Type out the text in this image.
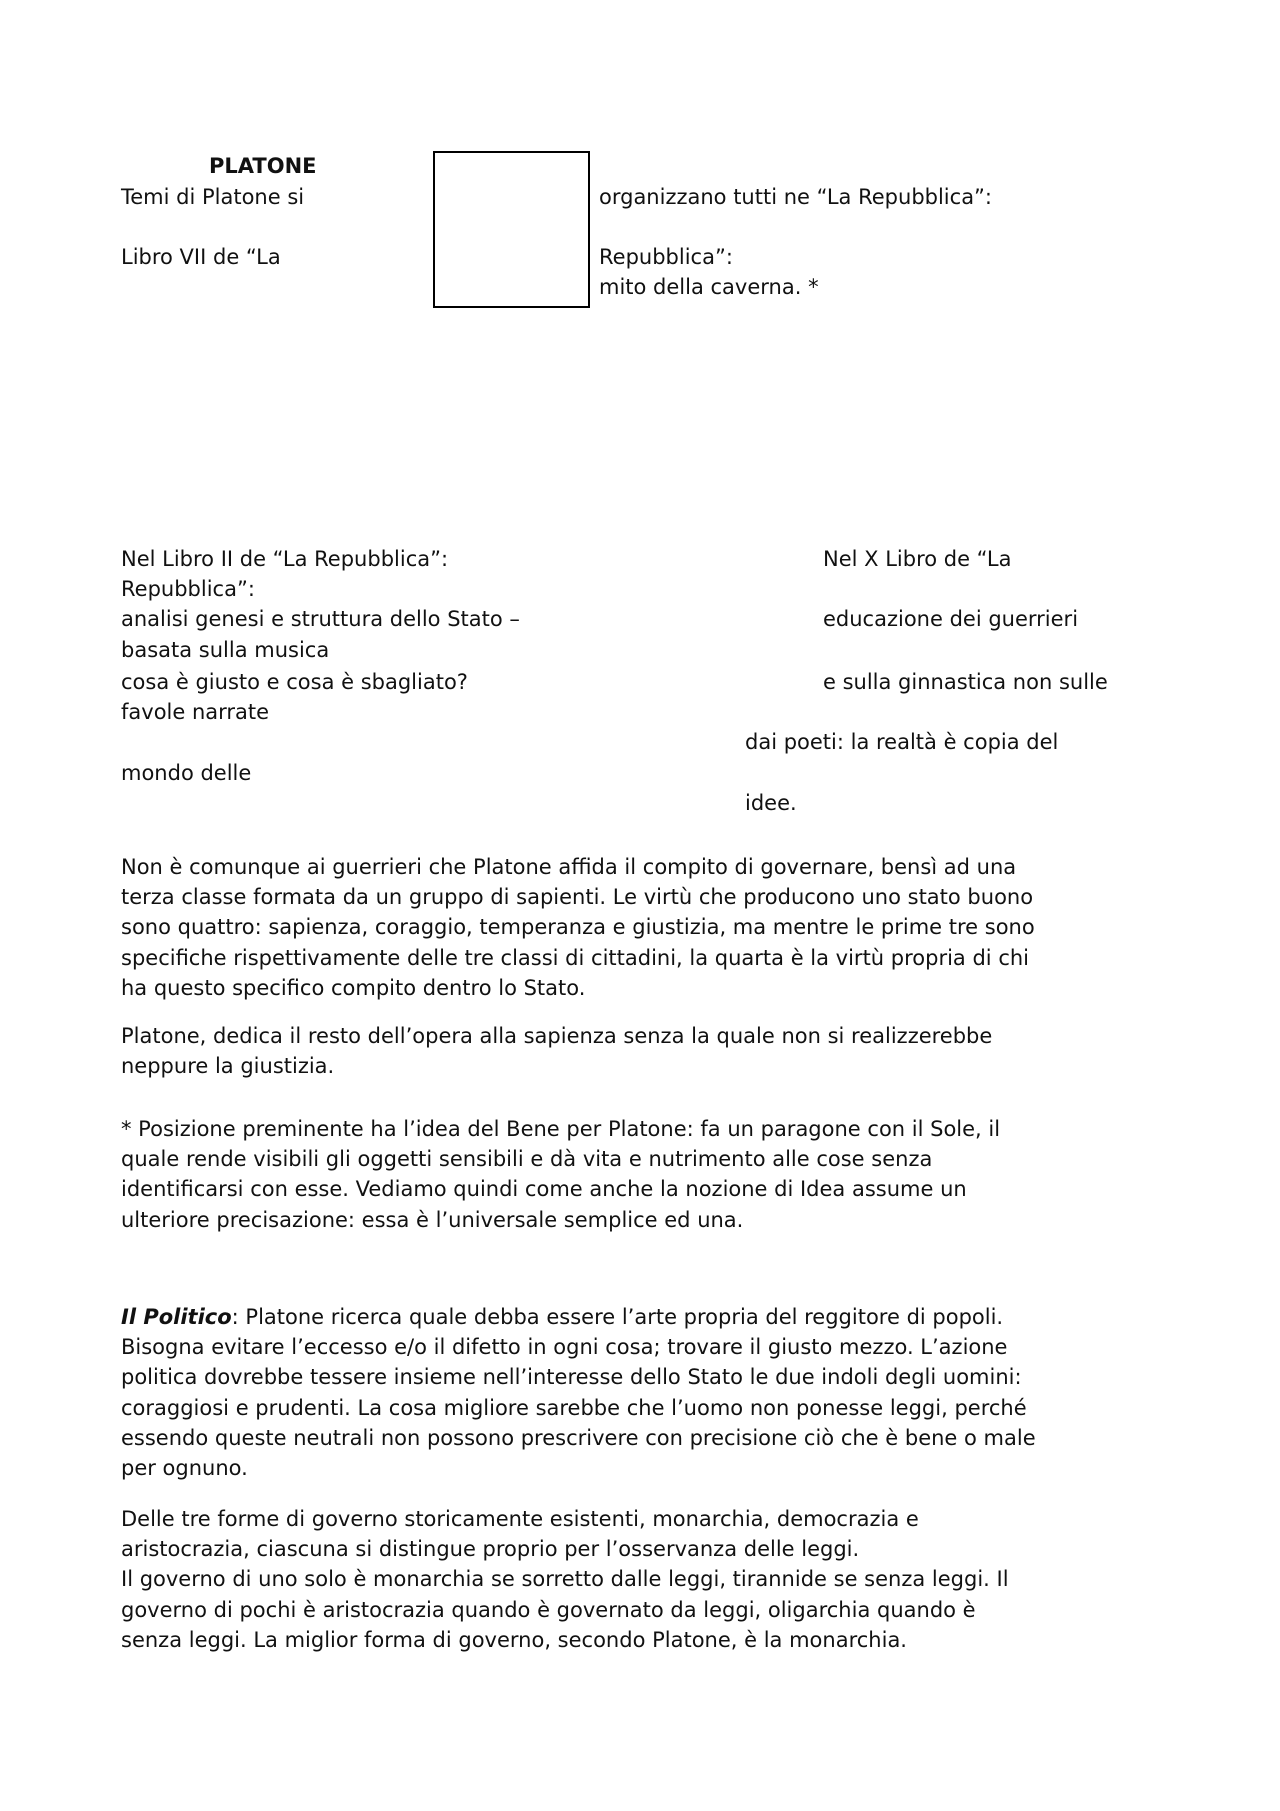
PLATONE
Temi di Platone si	organizzano tutti ne “La Repubblica”:
Libro VII de “La	Repubblica”:
mito della caverna. *
Nel Libro II de “La Repubblica”:
Repubblica”:
analisi genesi e struttura dello Stato –
basata sulla musica
cosa è giusto e cosa è sbagliato?
favole narrate
mondo delle
Nel X Libro de “La
educazione dei guerrieri
e sulla ginnastica non sulle
dai poeti: la realtà è copia del
idee.
Non è comunque ai guerrieri che Platone affida il compito di governare, bensì ad una
terza classe formata da un gruppo di sapienti. Le virtù che producono uno stato buono
sono quattro: sapienza, coraggio, temperanza e giustizia, ma mentre le prime tre sono
specifiche rispettivamente delle tre classi di cittadini, la quarta è la virtù propria di chi
ha questo specifico compito dentro lo Stato.
Platone, dedica il resto dell’opera alla sapienza senza la quale non si realizzerebbe
neppure la giustizia.
* Posizione preminente ha l’idea del Bene per Platone: fa un paragone con il Sole, il
quale rende visibili gli oggetti sensibili e dà vita e nutrimento alle cose senza
identificarsi con esse. Vediamo quindi come anche la nozione di Idea assume un
ulteriore precisazione: essa è l’universale semplice ed una.
Il Politico: Platone ricerca quale debba essere l’arte propria del reggitore di popoli.
Bisogna evitare l’eccesso e/o il difetto in ogni cosa; trovare il giusto mezzo. L’azione
politica dovrebbe tessere insieme nell’interesse dello Stato le due indoli degli uomini:
coraggiosi e prudenti. La cosa migliore sarebbe che l’uomo non ponesse leggi, perché
essendo queste neutrali non possono prescrivere con precisione ciò che è bene o male
per ognuno.
Delle tre forme di governo storicamente esistenti, monarchia, democrazia e
aristocrazia, ciascuna si distingue proprio per l’osservanza delle leggi.
Il governo di uno solo è monarchia se sorretto dalle leggi, tirannide se senza leggi. Il
governo di pochi è aristocrazia quando è governato da leggi, oligarchia quando è
senza leggi. La miglior forma di governo, secondo Platone, è la monarchia.
